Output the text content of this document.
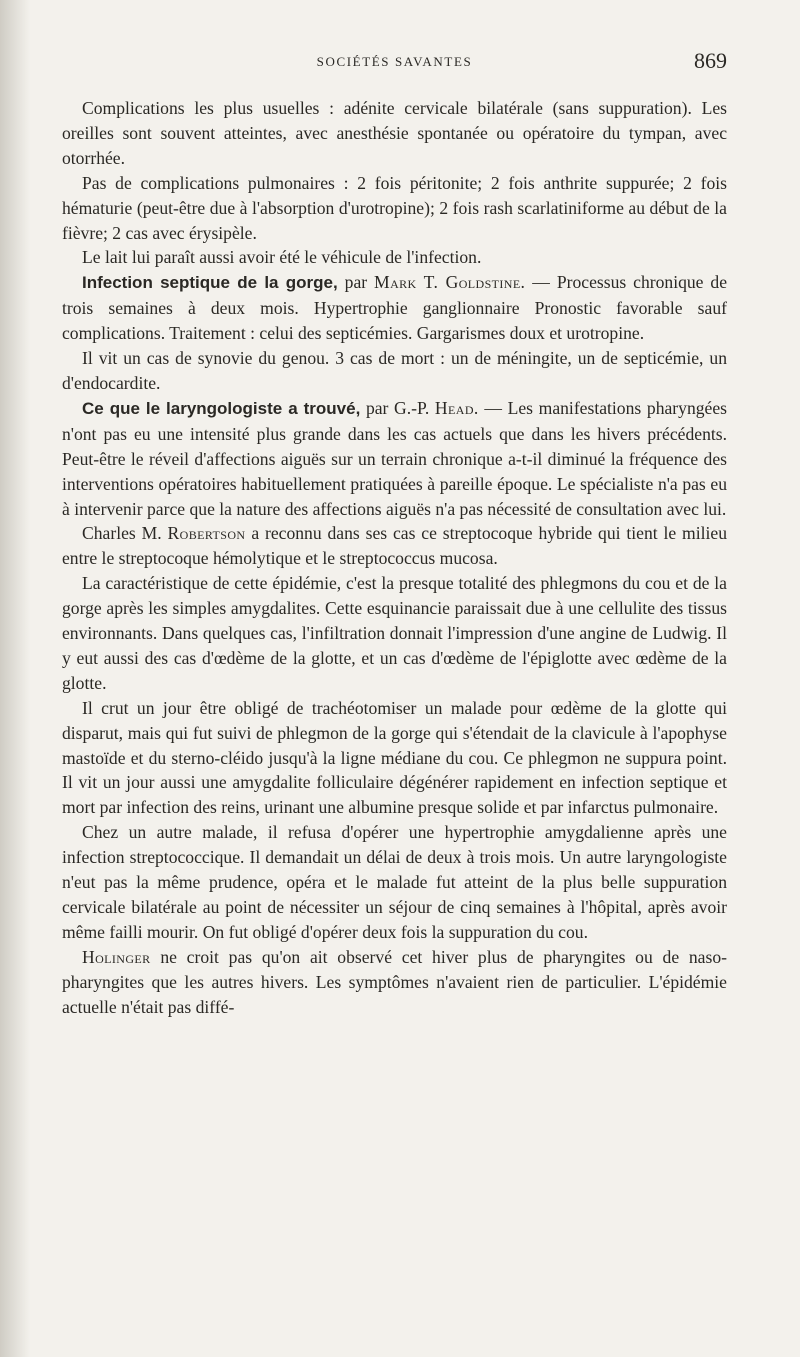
SOCIÉTÉS SAVANTES	869

Complications les plus usuelles : adénite cervicale bilatérale (sans suppuration). Les oreilles sont souvent atteintes, avec anesthésie spontanée ou opératoire du tympan, avec otorrhée.

Pas de complications pulmonaires : 2 fois péritonite; 2 fois anthrite suppurée; 2 fois hématurie (peut-être due à l'absorption d'urotropine); 2 fois rash scarlatiniforme au début de la fièvre; 2 cas avec érysipèle.

Le lait lui paraît aussi avoir été le véhicule de l'infection.

Infection septique de la gorge, par Mark T. Goldstine. — Processus chronique de trois semaines à deux mois. Hypertrophie ganglionnaire Pronostic favorable sauf complications. Traitement : celui des septicémies. Gargarismes doux et urotropine.

Il vit un cas de synovie du genou. 3 cas de mort : un de méningite, un de septicémie, un d'endocardite.

Ce que le laryngologiste a trouvé, par G.-P. Head. — Les manifestations pharyngées n'ont pas eu une intensité plus grande dans les cas actuels que dans les hivers précédents. Peut-être le réveil d'affections aiguës sur un terrain chronique a-t-il diminué la fréquence des interventions opératoires habituellement pratiquées à pareille époque. Le spécialiste n'a pas eu à intervenir parce que la nature des affections aiguës n'a pas nécessité de consultation avec lui.

Charles M. Robertson a reconnu dans ses cas ce streptocoque hybride qui tient le milieu entre le streptocoque hémolytique et le streptococcus mucosa.

La caractéristique de cette épidémie, c'est la presque totalité des phlegmons du cou et de la gorge après les simples amygdalites. Cette esquinancie paraissait due à une cellulite des tissus environnants. Dans quelques cas, l'infiltration donnait l'impression d'une angine de Ludwig. Il y eut aussi des cas d'œdème de la glotte, et un cas d'œdème de l'épiglotte avec œdème de la glotte.

Il crut un jour être obligé de trachéotomiser un malade pour œdème de la glotte qui disparut, mais qui fut suivi de phlegmon de la gorge qui s'étendait de la clavicule à l'apophyse mastoïde et du sterno-cléido jusqu'à la ligne médiane du cou. Ce phlegmon ne suppura point. Il vit un jour aussi une amygdalite folliculaire dégénérer rapidement en infection septique et mort par infection des reins, urinant une albumine presque solide et par infarctus pulmonaire.

Chez un autre malade, il refusa d'opérer une hypertrophie amygdalienne après une infection streptococcique. Il demandait un délai de deux à trois mois. Un autre laryngologiste n'eut pas la même prudence, opéra et le malade fut atteint de la plus belle suppuration cervicale bilatérale au point de nécessiter un séjour de cinq semaines à l'hôpital, après avoir même failli mourir. On fut obligé d'opérer deux fois la suppuration du cou.

Holinger ne croit pas qu'on ait observé cet hiver plus de pharyngites ou de naso-pharyngites que les autres hivers. Les symptômes n'avaient rien de particulier. L'épidémie actuelle n'était pas diffé-
